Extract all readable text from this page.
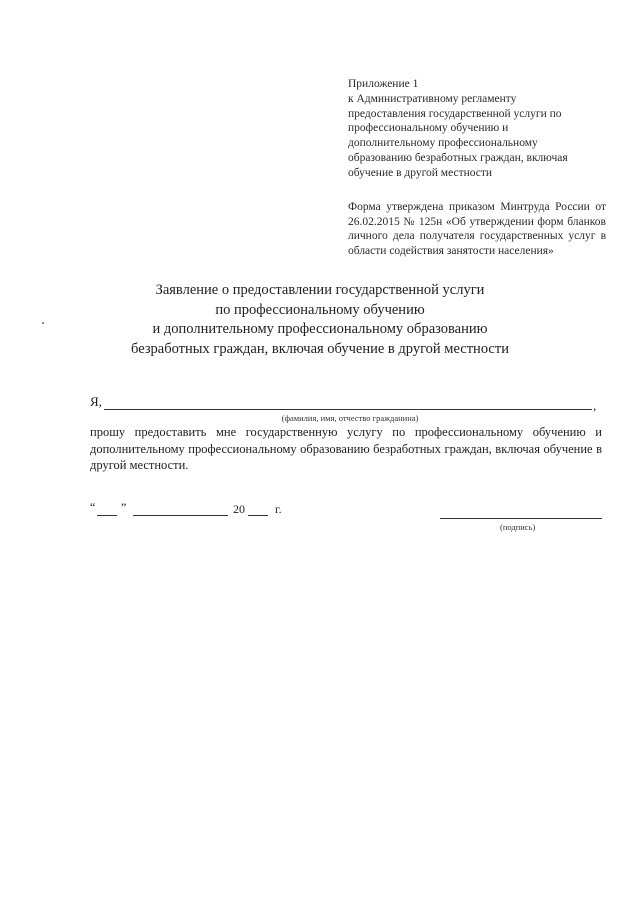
Приложение 1
к Административному регламенту
предоставления государственной услуги по
профессиональному обучению и
дополнительному профессиональному
образованию безработных граждан, включая
обучение в другой местности
Форма утверждена приказом Минтруда России от 26.02.2015 № 125н «Об утверждении форм бланков личного дела получателя государственных услуг в области содействия занятости населения»
Заявление о предоставлении государственной услуги
по профессиональному обучению
и дополнительному профессиональному образованию
безработных граждан, включая обучение в другой местности
Я,	,
(фамилия, имя, отчество гражданина)
прошу предоставить мне государственную услугу по профессиональному обучению и дополнительному профессиональному образованию безработных граждан, включая обучение в другой местности.
“ ”	20	г.
(подпись)
